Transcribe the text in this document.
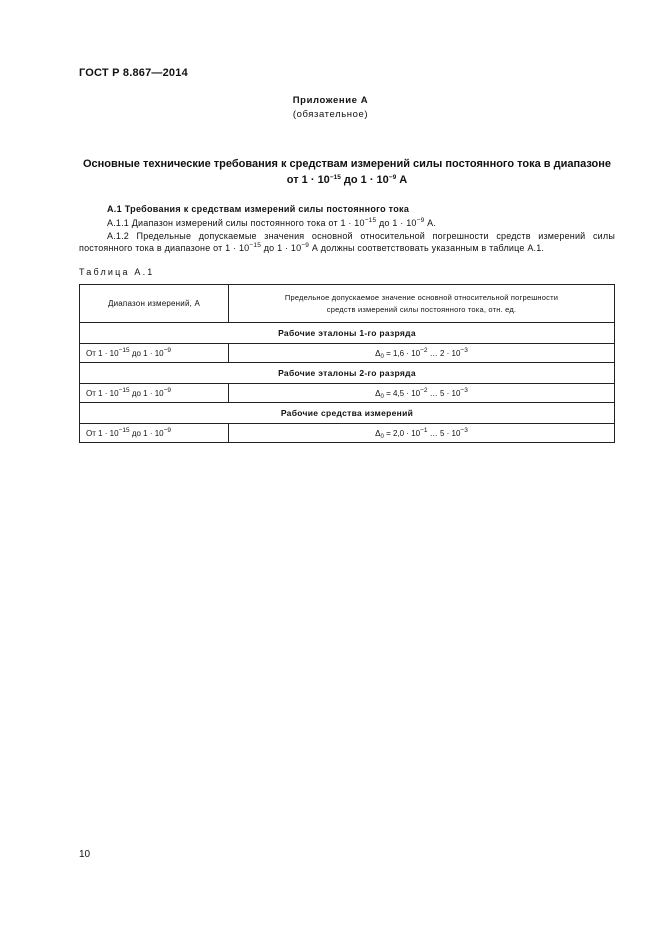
ГОСТ Р 8.867—2014
Приложение А
(обязательное)
Основные технические требования к средствам измерений силы постоянного тока в диапазоне
от $1 \cdot 10^{-15}$ до $1 \cdot 10^{-9}$ А
А.1 Требования к средствам измерений силы постоянного тока
А.1.1 Диапазон измерений силы постоянного тока от $1 \cdot 10^{-15}$ до $1 \cdot 10^{-9}$ А.
А.1.2 Предельные допускаемые значения основной относительной погрешности средств измерений силы постоянного тока в диапазоне от $1 \cdot 10^{-15}$ до $1 \cdot 10^{-9}$ А должны соответствовать указанным в таблице А.1.
Таблица А.1
Диапазон измерений, А	Предельное допускаемое значение основной относительной погрешности
средств измерений силы постоянного тока, отн. ед.

Рабочие эталоны 1-го разряда	
От $1 \cdot 10^{-15}$ до $1 \cdot 10^{-9}$	$\Delta_0 = 1,6 \cdot 10^{-2}$ … $2 \cdot 10^{-3}$
Рабочие эталоны 2-го разряда	
От $1 \cdot 10^{-15}$ до $1 \cdot 10^{-9}$	$\Delta_0 = 4,5 \cdot 10^{-2}$ … $5 \cdot 10^{-3}$
Рабочие средства измерений	
От $1 \cdot 10^{-15}$ до $1 \cdot 10^{-9}$	$\Delta_0 = 2,0 \cdot 10^{-1}$ … $5 \cdot 10^{-3}$
10
